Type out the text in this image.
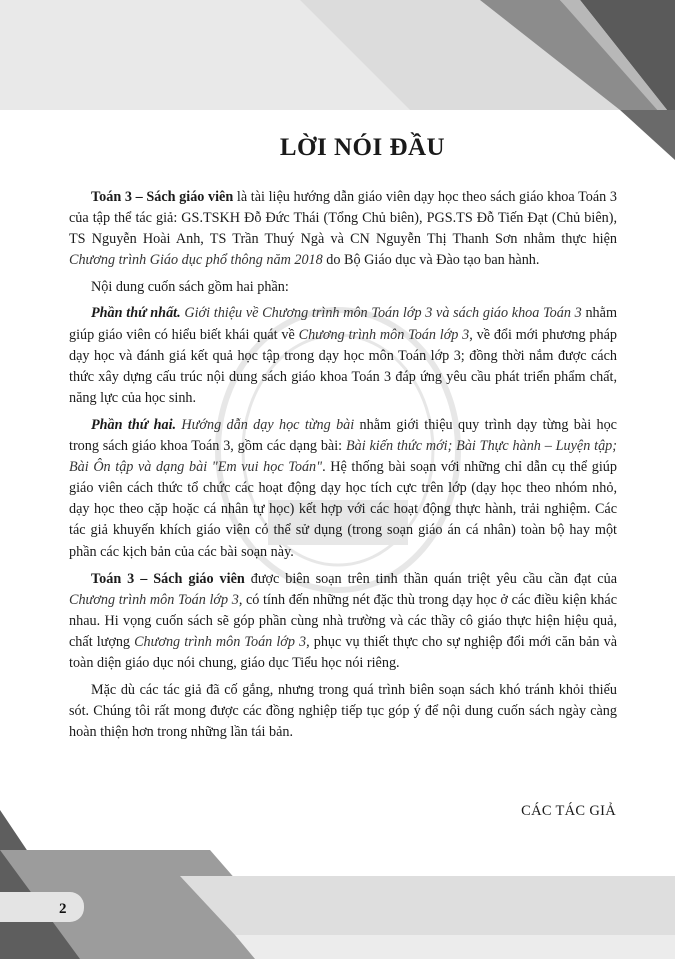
LỜI NÓI ĐẦU

Toán 3 – Sách giáo viên là tài liệu hướng dẫn giáo viên dạy học theo sách giáo khoa Toán 3 của tập thể tác giả: GS.TSKH Đỗ Đức Thái (Tổng Chủ biên), PGS.TS Đỗ Tiến Đạt (Chủ biên), TS Nguyễn Hoài Anh, TS Trần Thuý Ngà và CN Nguyễn Thị Thanh Sơn nhằm thực hiện Chương trình Giáo dục phổ thông năm 2018 do Bộ Giáo dục và Đào tạo ban hành.

Nội dung cuốn sách gồm hai phần:

Phần thứ nhất. Giới thiệu về Chương trình môn Toán lớp 3 và sách giáo khoa Toán 3 nhằm giúp giáo viên có hiểu biết khái quát về Chương trình môn Toán lớp 3, về đổi mới phương pháp dạy học và đánh giá kết quả học tập trong dạy học môn Toán lớp 3; đồng thời nắm được cách thức xây dựng cấu trúc nội dung sách giáo khoa Toán 3 đáp ứng yêu cầu phát triển phẩm chất, năng lực của học sinh.

Phần thứ hai. Hướng dẫn dạy học từng bài nhằm giới thiệu quy trình dạy từng bài học trong sách giáo khoa Toán 3, gồm các dạng bài: Bài kiến thức mới; Bài Thực hành – Luyện tập; Bài Ôn tập và dạng bài "Em vui học Toán". Hệ thống bài soạn với những chỉ dẫn cụ thể giúp giáo viên cách thức tổ chức các hoạt động dạy học tích cực trên lớp (dạy học theo nhóm nhỏ, dạy học theo cặp hoặc cá nhân tự học) kết hợp với các hoạt động thực hành, trải nghiệm. Các tác giả khuyến khích giáo viên có thể sử dụng (trong soạn giáo án cá nhân) toàn bộ hay một phần các kịch bản của các bài soạn này.

Toán 3 – Sách giáo viên được biên soạn trên tinh thần quán triệt yêu cầu cần đạt của Chương trình môn Toán lớp 3, có tính đến những nét đặc thù trong dạy học ở các điều kiện khác nhau. Hi vọng cuốn sách sẽ góp phần cùng nhà trường và các thầy cô giáo thực hiện hiệu quả, chất lượng Chương trình môn Toán lớp 3, phục vụ thiết thực cho sự nghiệp đổi mới căn bản và toàn diện giáo dục nói chung, giáo dục Tiểu học nói riêng.

Mặc dù các tác giả đã cố gắng, nhưng trong quá trình biên soạn sách khó tránh khỏi thiếu sót. Chúng tôi rất mong được các đồng nghiệp tiếp tục góp ý để nội dung cuốn sách ngày càng hoàn thiện hơn trong những lần tái bản.

CÁC TÁC GIẢ
2
